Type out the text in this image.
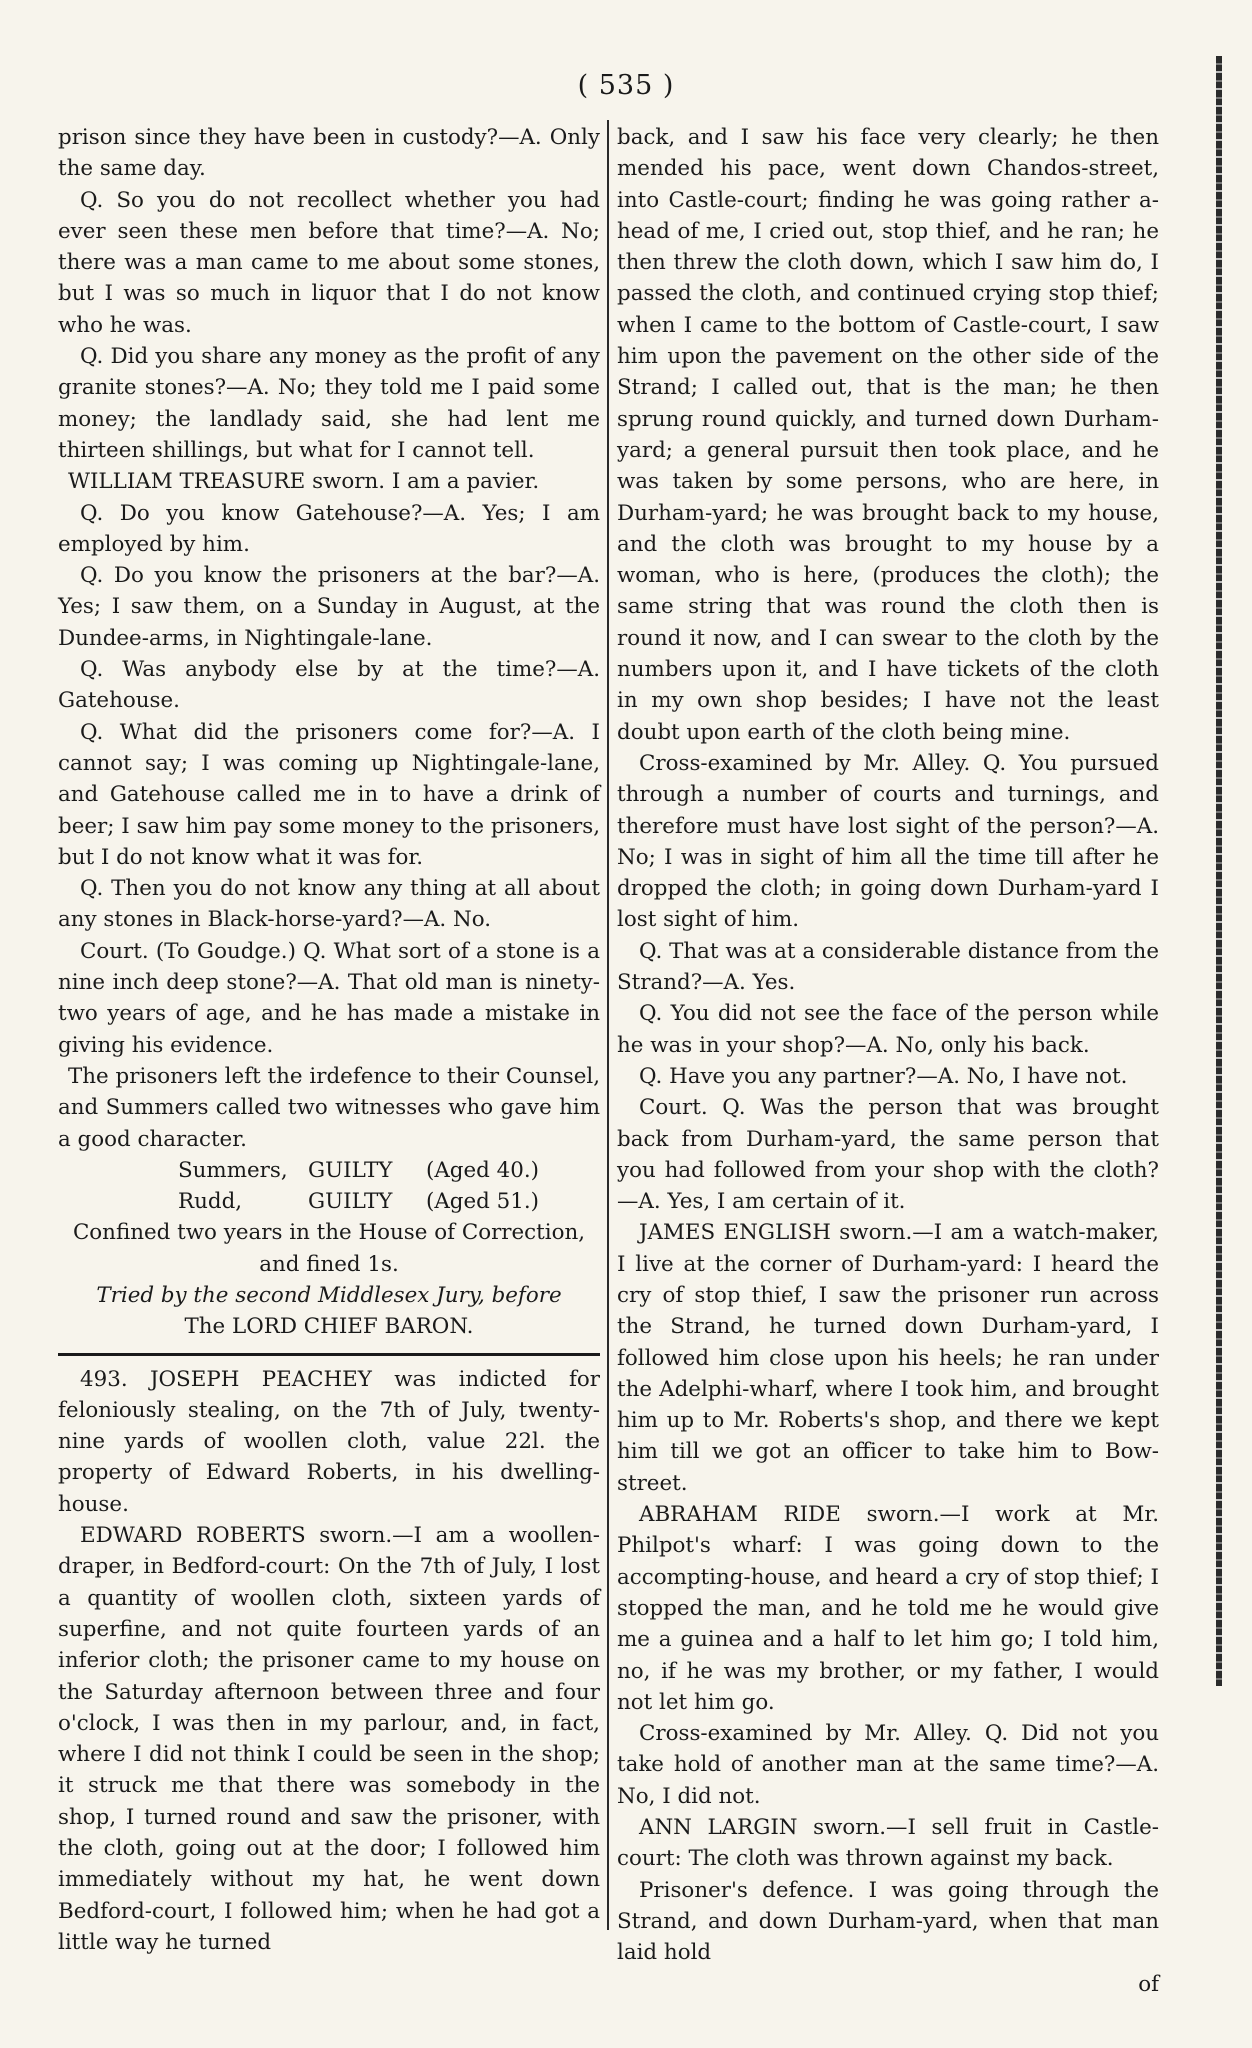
( 535 )

prison since they have been in custody?—A. Only the same day.

Q. So you do not recollect whether you had ever seen these men before that time?—A. No; there was a man came to me about some stones, but I was so much in liquor that I do not know who he was.

Q. Did you share any money as the profit of any granite stones?—A. No; they told me I paid some money; the landlady said, she had lent me thirteen shillings, but what for I cannot tell.

WILLIAM TREASURE sworn. I am a pavier.

Q. Do you know Gatehouse?—A. Yes; I am employed by him.

Q. Do you know the prisoners at the bar?—A. Yes; I saw them, on a Sunday in August, at the Dundee-arms, in Nightingale-lane.

Q. Was anybody else by at the time?—A. Gatehouse.

Q. What did the prisoners come for?—A. I cannot say; I was coming up Nightingale-lane, and Gatehouse called me in to have a drink of beer; I saw him pay some money to the prisoners, but I do not know what it was for.

Q. Then you do not know any thing at all about any stones in Black-horse-yard?—A. No.

Court. (To Goudge.) Q. What sort of a stone is a nine inch deep stone?—A. That old man is ninety-two years of age, and he has made a mistake in giving his evidence.

The prisoners left the irdefence to their Counsel, and Summers called two witnesses who gave him a good character.

Summers, GUILTY (Aged 40.)
Rudd,	GUILTY (Aged 51.)

Confined two years in the House of Correction, and fined 1s.

Tried by the second Middlesex Jury, before

The LORD CHIEF BARON.

493. JOSEPH PEACHEY was indicted for feloniously stealing, on the 7th of July, twenty-nine yards of woollen cloth, value 22l. the property of Edward Roberts, in his dwelling-house.

EDWARD ROBERTS sworn.—I am a woollen-draper, in Bedford-court: On the 7th of July, I lost a quantity of woollen cloth, sixteen yards of superfine, and not quite fourteen yards of an inferior cloth; the prisoner came to my house on the Saturday afternoon between three and four o'clock, I was then in my parlour, and, in fact, where I did not think I could be seen in the shop; it struck me that there was somebody in the shop, I turned round and saw the prisoner, with the cloth, going out at the door; I followed him immediately without my hat, he went down Bedford-court, I followed him; when he had got a little way he turned

back, and I saw his face very clearly; he then mended his pace, went down Chandos-street, into Castle-court; finding he was going rather a-head of me, I cried out, stop thief, and he ran; he then threw the cloth down, which I saw him do, I passed the cloth, and continued crying stop thief; when I came to the bottom of Castle-court, I saw him upon the pavement on the other side of the Strand; I called out, that is the man; he then sprung round quickly, and turned down Durham-yard; a general pursuit then took place, and he was taken by some persons, who are here, in Durham-yard; he was brought back to my house, and the cloth was brought to my house by a woman, who is here, (produces the cloth); the same string that was round the cloth then is round it now, and I can swear to the cloth by the numbers upon it, and I have tickets of the cloth in my own shop besides; I have not the least doubt upon earth of the cloth being mine.

Cross-examined by Mr. Alley. Q. You pursued through a number of courts and turnings, and therefore must have lost sight of the person?—A. No; I was in sight of him all the time till after he dropped the cloth; in going down Durham-yard I lost sight of him.

Q. That was at a considerable distance from the Strand?—A. Yes.

Q. You did not see the face of the person while he was in your shop?—A. No, only his back.

Q. Have you any partner?—A. No, I have not.

Court. Q. Was the person that was brought back from Durham-yard, the same person that you had followed from your shop with the cloth?—A. Yes, I am certain of it.

JAMES ENGLISH sworn.—I am a watch-maker, I live at the corner of Durham-yard: I heard the cry of stop thief, I saw the prisoner run across the Strand, he turned down Durham-yard, I followed him close upon his heels; he ran under the Adelphi-wharf, where I took him, and brought him up to Mr. Roberts's shop, and there we kept him till we got an officer to take him to Bow-street.

ABRAHAM RIDE sworn.—I work at Mr. Philpot's wharf: I was going down to the accompting-house, and heard a cry of stop thief; I stopped the man, and he told me he would give me a guinea and a half to let him go; I told him, no, if he was my brother, or my father, I would not let him go.

Cross-examined by Mr. Alley. Q. Did not you take hold of another man at the same time?—A. No, I did not.

ANN LARGIN sworn.—I sell fruit in Castle-court: The cloth was thrown against my back.

Prisoner's defence. I was going through the Strand, and down Durham-yard, when that man laid hold

of
